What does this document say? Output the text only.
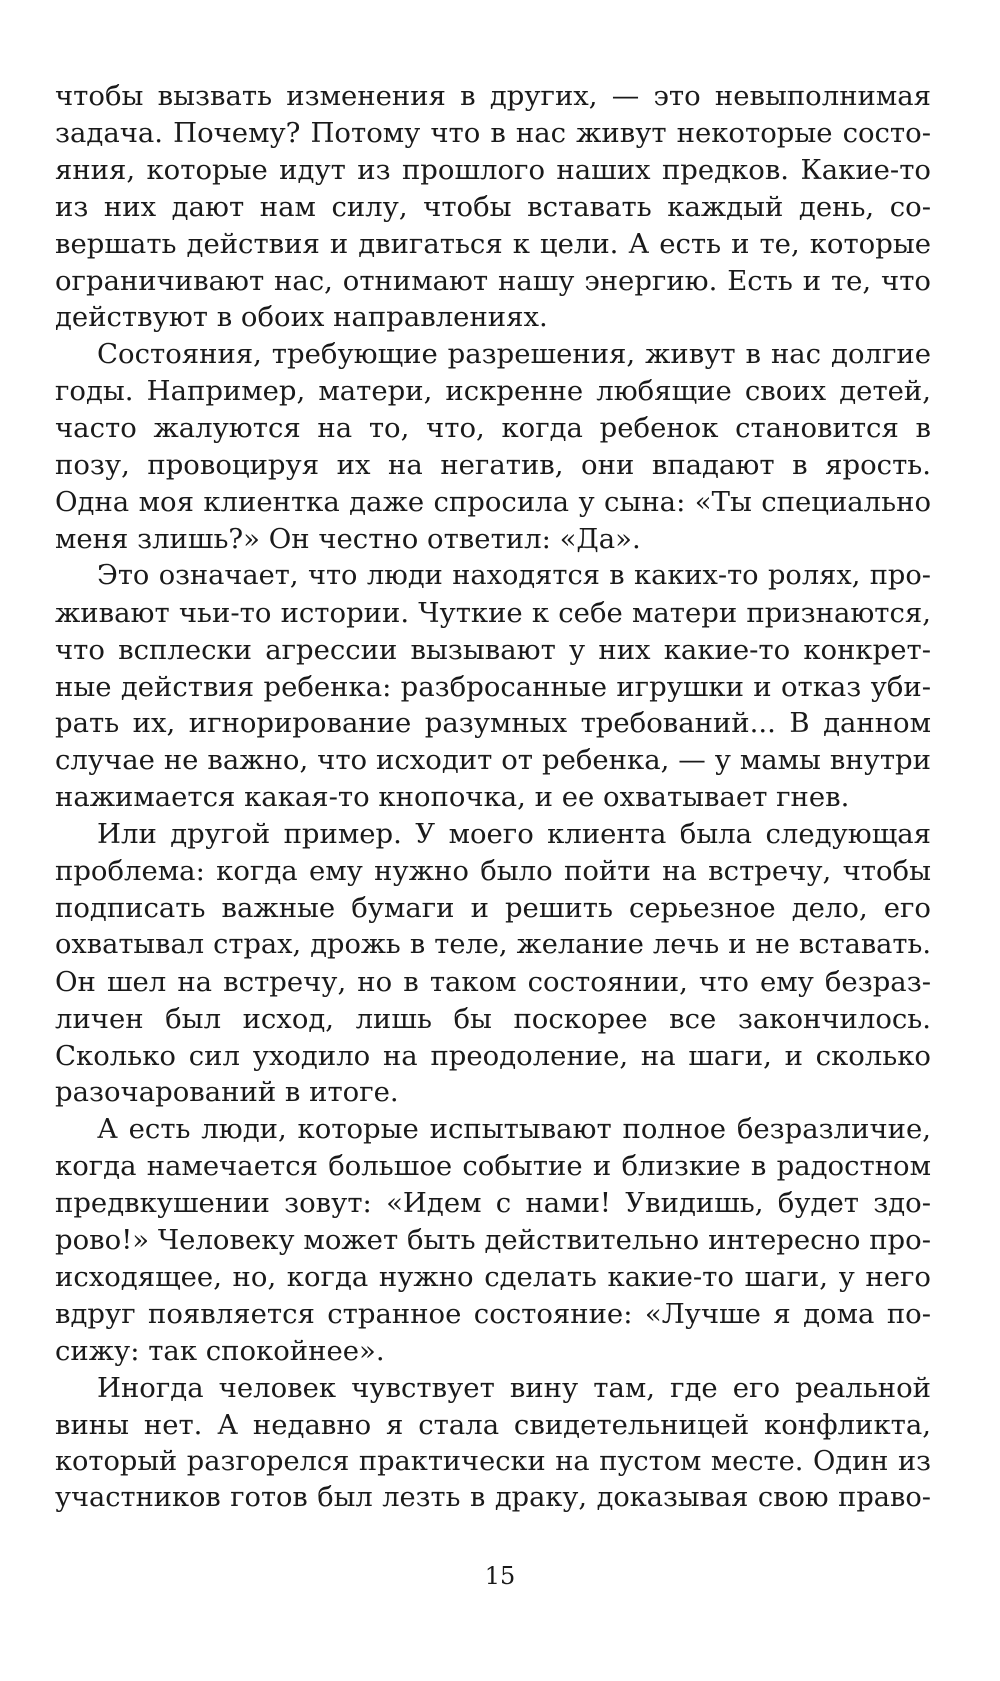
чтобы вызвать изменения в других, — это невыполнимая
задача. Почему? Потому что в нас живут некоторые состо-
яния, которые идут из прошлого наших предков. Какие-то
из них дают нам силу, чтобы вставать каждый день, со-
вершать действия и двигаться к цели. А есть и те, которые
ограничивают нас, отнимают нашу энергию. Есть и те, что
действуют в обоих направлениях.

Состояния, требующие разрешения, живут в нас долгие
годы. Например, матери, искренне любящие своих детей,
часто жалуются на то, что, когда ребенок становится в
позу, провоцируя их на негатив, они впадают в ярость.
Одна моя клиентка даже спросила у сына: «Ты специально
меня злишь?» Он честно ответил: «Да».

Это означает, что люди находятся в каких-то ролях, про-
живают чьи-то истории. Чуткие к себе матери признаются,
что всплески агрессии вызывают у них какие-то конкрет-
ные действия ребенка: разбросанные игрушки и отказ уби-
рать их, игнорирование разумных требований... В данном
случае не важно, что исходит от ребенка, — у мамы внутри
нажимается какая-то кнопочка, и ее охватывает гнев.

Или другой пример. У моего клиента была следующая
проблема: когда ему нужно было пойти на встречу, чтобы
подписать важные бумаги и решить серьезное дело, его
охватывал страх, дрожь в теле, желание лечь и не вставать.
Он шел на встречу, но в таком состоянии, что ему безраз-
личен был исход, лишь бы поскорее все закончилось.
Сколько сил уходило на преодоление, на шаги, и сколько
разочарований в итоге.

А есть люди, которые испытывают полное безразличие,
когда намечается большое событие и близкие в радостном
предвкушении зовут: «Идем с нами! Увидишь, будет здо-
рово!» Человеку может быть действительно интересно про-
исходящее, но, когда нужно сделать какие-то шаги, у него
вдруг появляется странное состояние: «Лучше я дома по-
сижу: так спокойнее».

Иногда человек чувствует вину там, где его реальной
вины нет. А недавно я стала свидетельницей конфликта,
который разгорелся практически на пустом месте. Один из
участников готов был лезть в драку, доказывая свою право-

15
